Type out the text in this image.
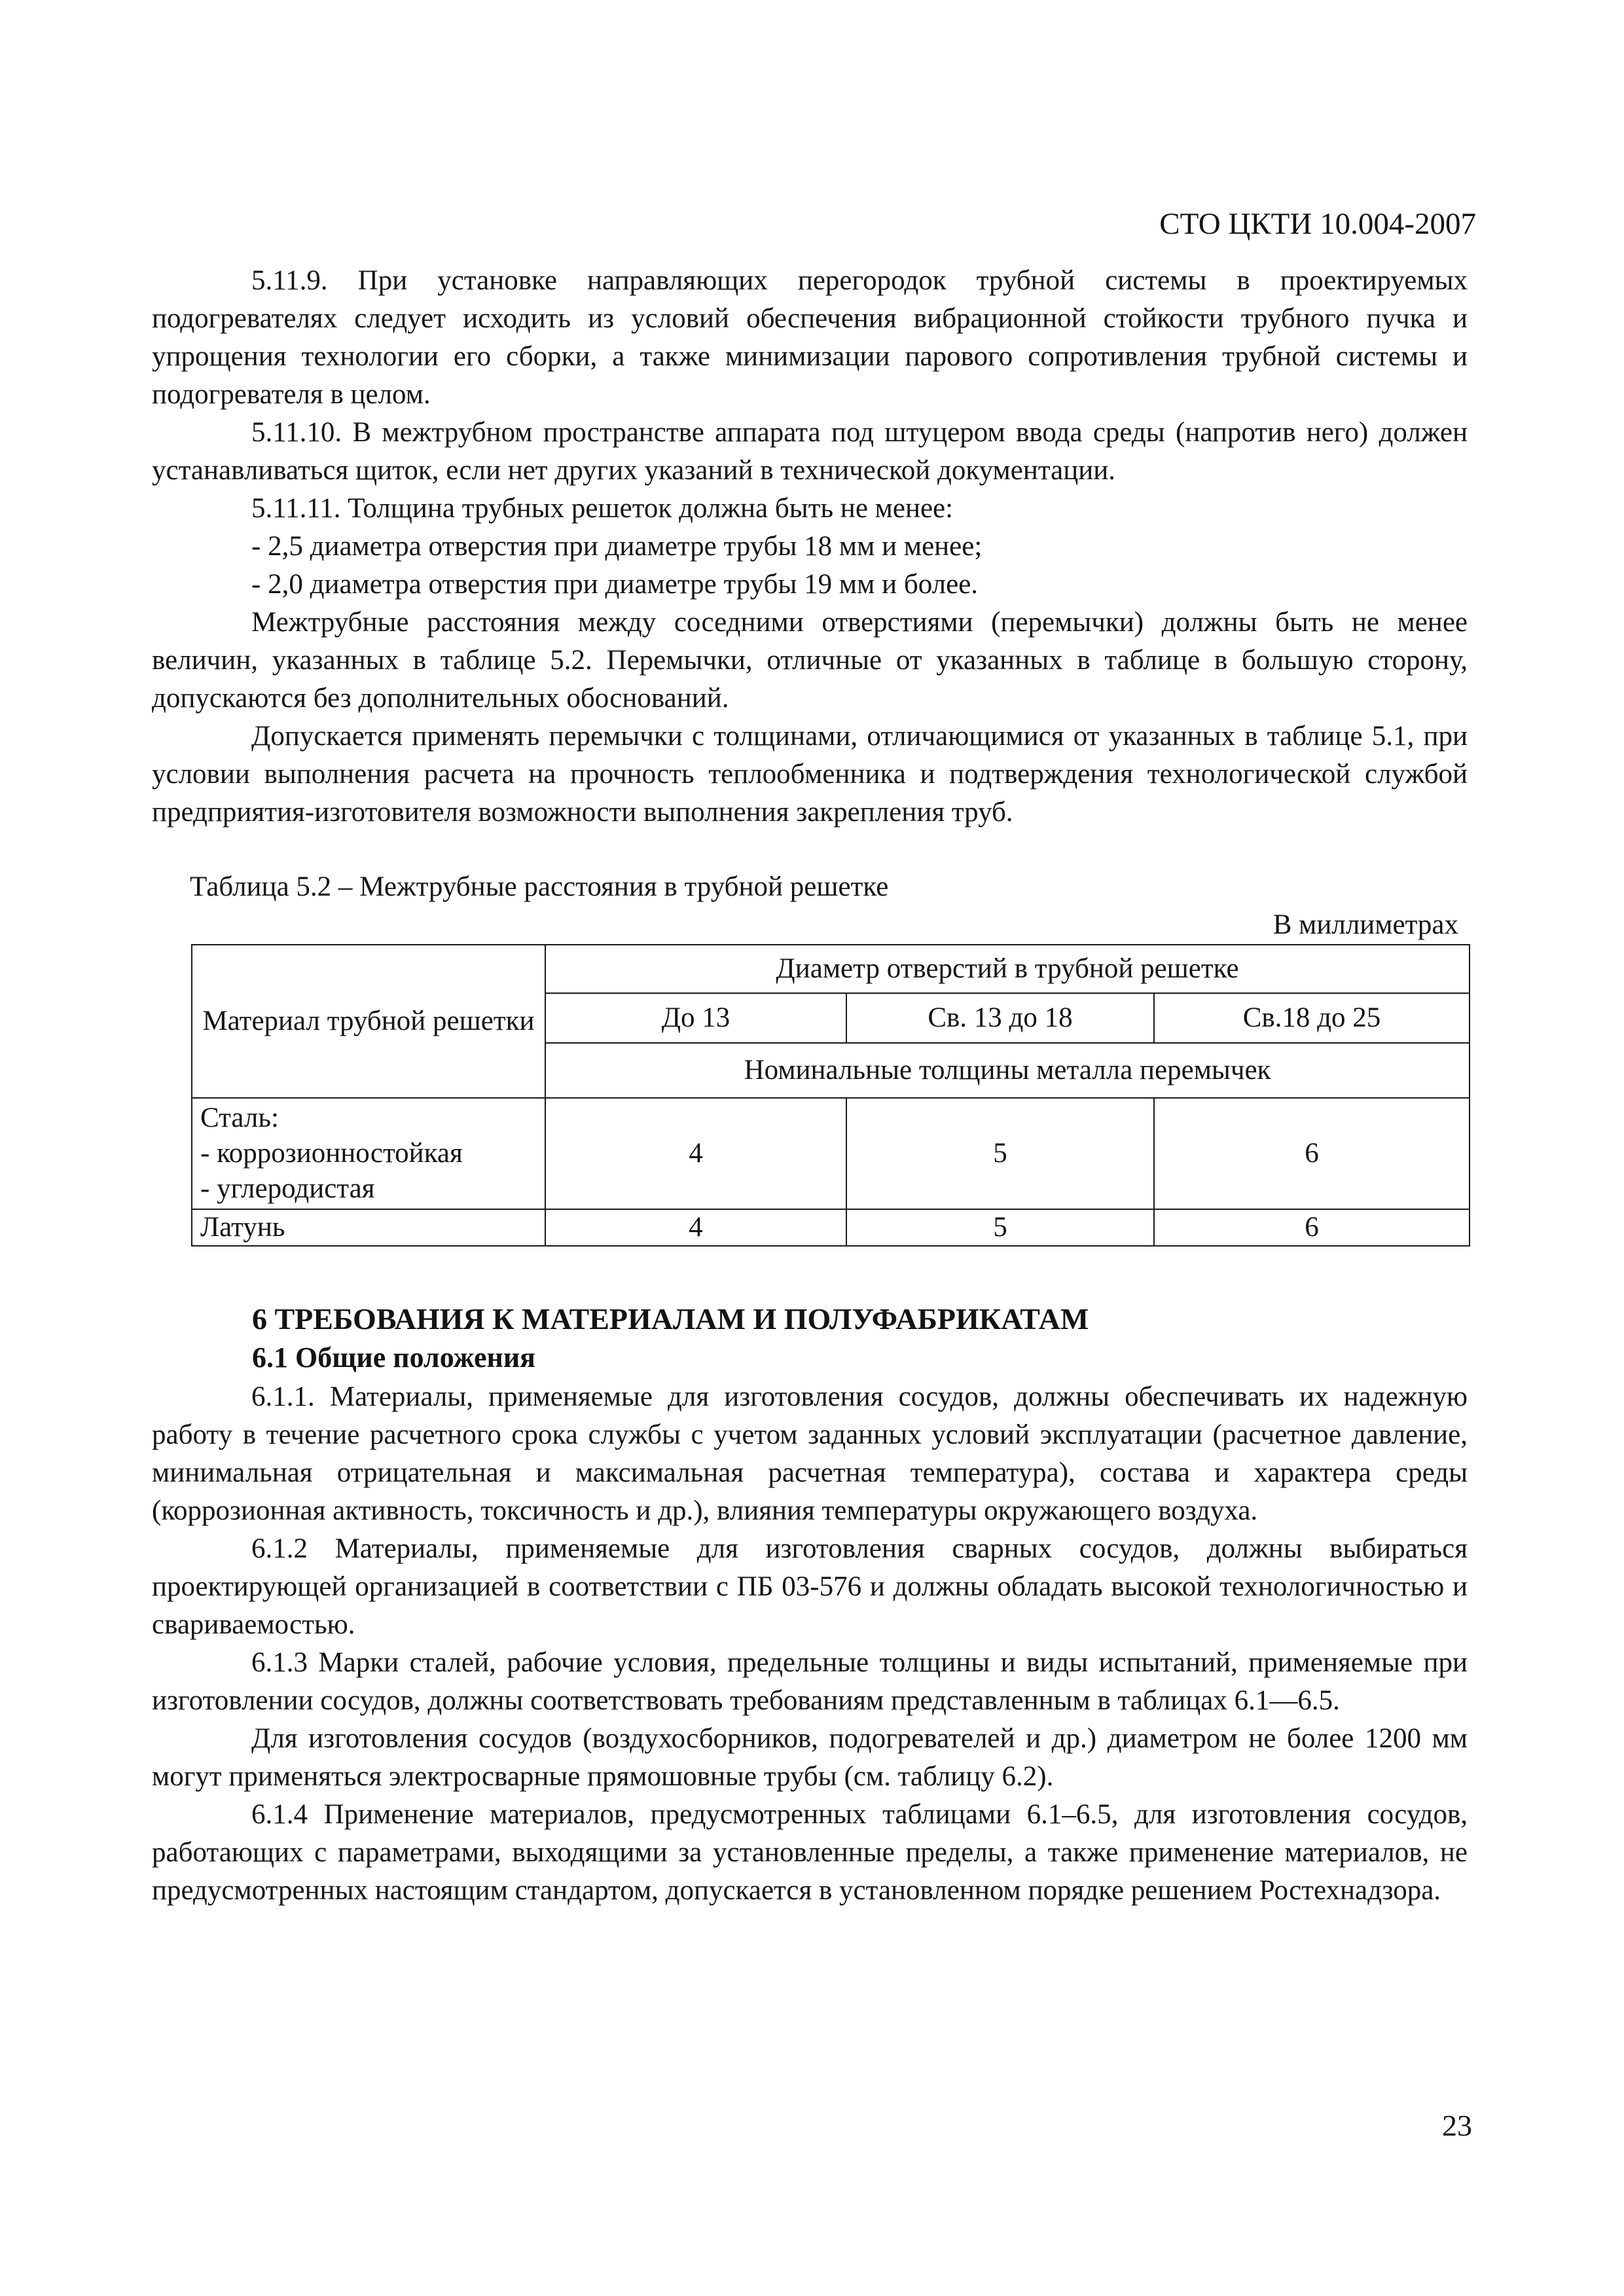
СТО ЦКТИ 10.004-2007

5.11.9. При установке направляющих перегородок трубной системы в проектируемых подогревателях следует исходить из условий обеспечения вибрационной стойкости трубного пучка и упрощения технологии его сборки, а также минимизации парового сопротивления трубной системы и подогревателя в целом.

5.11.10. В межтрубном пространстве аппарата под штуцером ввода среды (напротив него) должен устанавливаться щиток, если нет других указаний в технической документации.

5.11.11. Толщина трубных решеток должна быть не менее:

- 2,5 диаметра отверстия при диаметре трубы 18 мм и менее;

- 2,0 диаметра отверстия при диаметре трубы 19 мм и более.

Межтрубные расстояния между соседними отверстиями (перемычки) должны быть не менее величин, указанных в таблице 5.2. Перемычки, отличные от указанных в таблице в большую сторону, допускаются без дополнительных обоснований.

Допускается применять перемычки с толщинами, отличающимися от указанных в таблице 5.1, при условии выполнения расчета на прочность теплообменника и подтверждения технологической службой предприятия-изготовителя возможности выполнения закрепления труб.

Таблица 5.2 – Межтрубные расстояния в трубной решетке
В миллиметрах
Материал трубной решетки	Диаметр отверстий в трубной решетке		
	До 13	Св. 13 до 18	Св.18 до 25
	Номинальные толщины металла перемычек		

Сталь:
- коррозионностойкая
- углеродистая	4	5	6

Латунь	4	5	6
6 ТРЕБОВАНИЯ К МАТЕРИАЛАМ И ПОЛУФАБРИКАТАМ
6.1 Общие положения

6.1.1. Материалы, применяемые для изготовления сосудов, должны обеспечивать их надежную работу в течение расчетного срока службы с учетом заданных условий эксплуатации (расчетное давление, минимальная отрицательная и максимальная расчетная температура), состава и характера среды (коррозионная активность, токсичность и др.), влияния температуры окружающего воздуха.

6.1.2 Материалы, применяемые для изготовления сварных сосудов, должны выбираться проектирующей организацией в соответствии с ПБ 03-576 и должны обладать высокой технологичностью и свариваемостью.

6.1.3 Марки сталей, рабочие условия, предельные толщины и виды испытаний, применяемые при изготовлении сосудов, должны соответствовать требованиям представленным в таблицах 6.1—6.5.

Для изготовления сосудов (воздухосборников, подогревателей и др.) диаметром не более 1200 мм могут применяться электросварные прямошовные трубы (см. таблицу 6.2).

6.1.4 Применение материалов, предусмотренных таблицами 6.1–6.5, для изготовления сосудов, работающих с параметрами, выходящими за установленные пределы, а также применение материалов, не предусмотренных настоящим стандартом, допускается в установленном порядке решением Ростехнадзора.

23
